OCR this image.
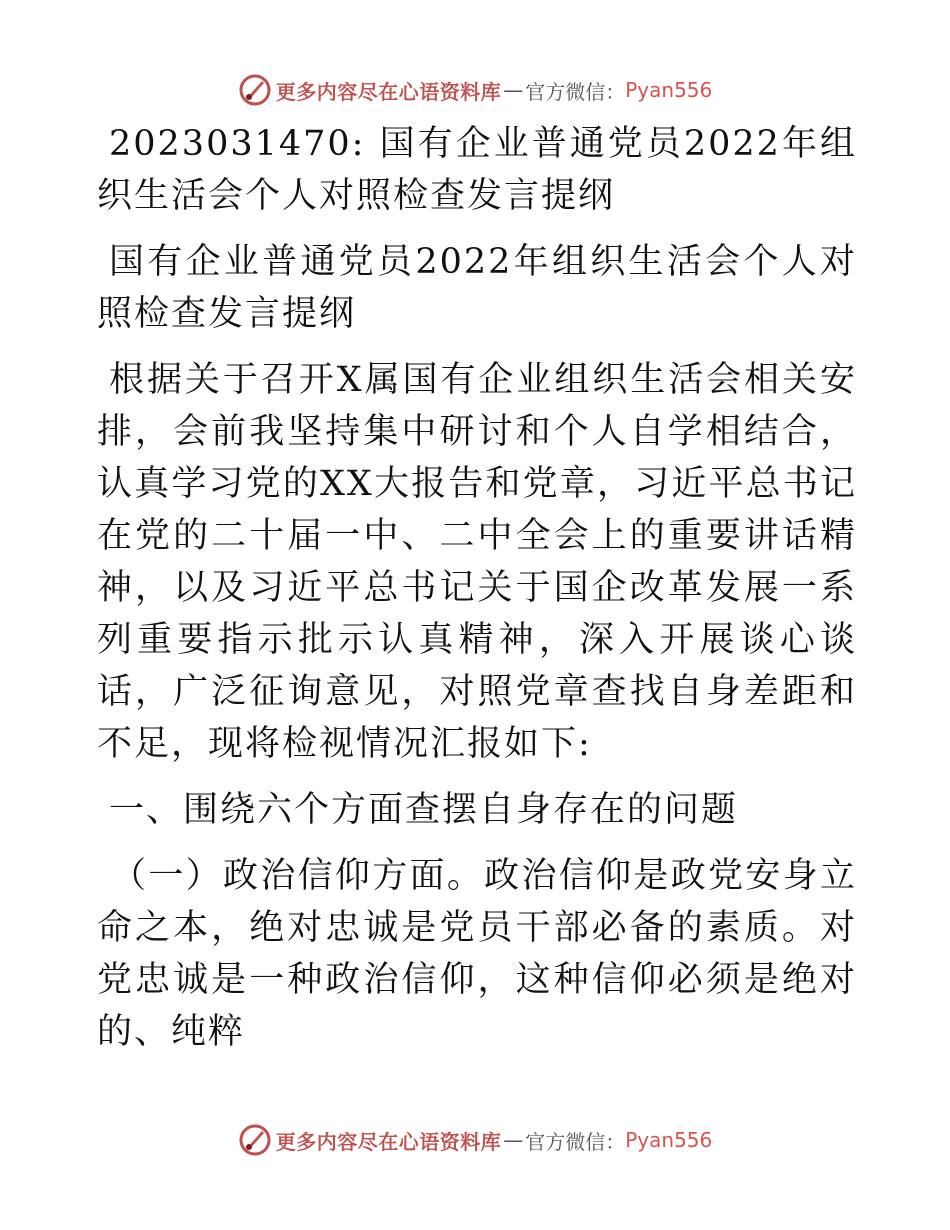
更多内容尽在心语资料库 — 官方微信： Pyan556

2023031470: 国有企业普通党员2022年组织生活会个人对照检查发言提纲

国有企业普通党员2022年组织生活会个人对照检查发言提纲

根据关于召开X属国有企业组织生活会相关安排，会前我坚持集中研讨和个人自学相结合，认真学习党的XX大报告和党章，习近平总书记在党的二十届一中、二中全会上的重要讲话精神，以及习近平总书记关于国企改革发展一系列重要指示批示认真精神，深入开展谈心谈话，广泛征询意见，对照党章查找自身差距和不足，现将检视情况汇报如下:

一、围绕六个方面查摆自身存在的问题

（一）政治信仰方面。政治信仰是政党安身立命之本，绝对忠诚是党员干部必备的素质。对党忠诚是一种政治信仰，这种信仰必须是绝对的、纯粹

更多内容尽在心语资料库 — 官方微信： Pyan556
